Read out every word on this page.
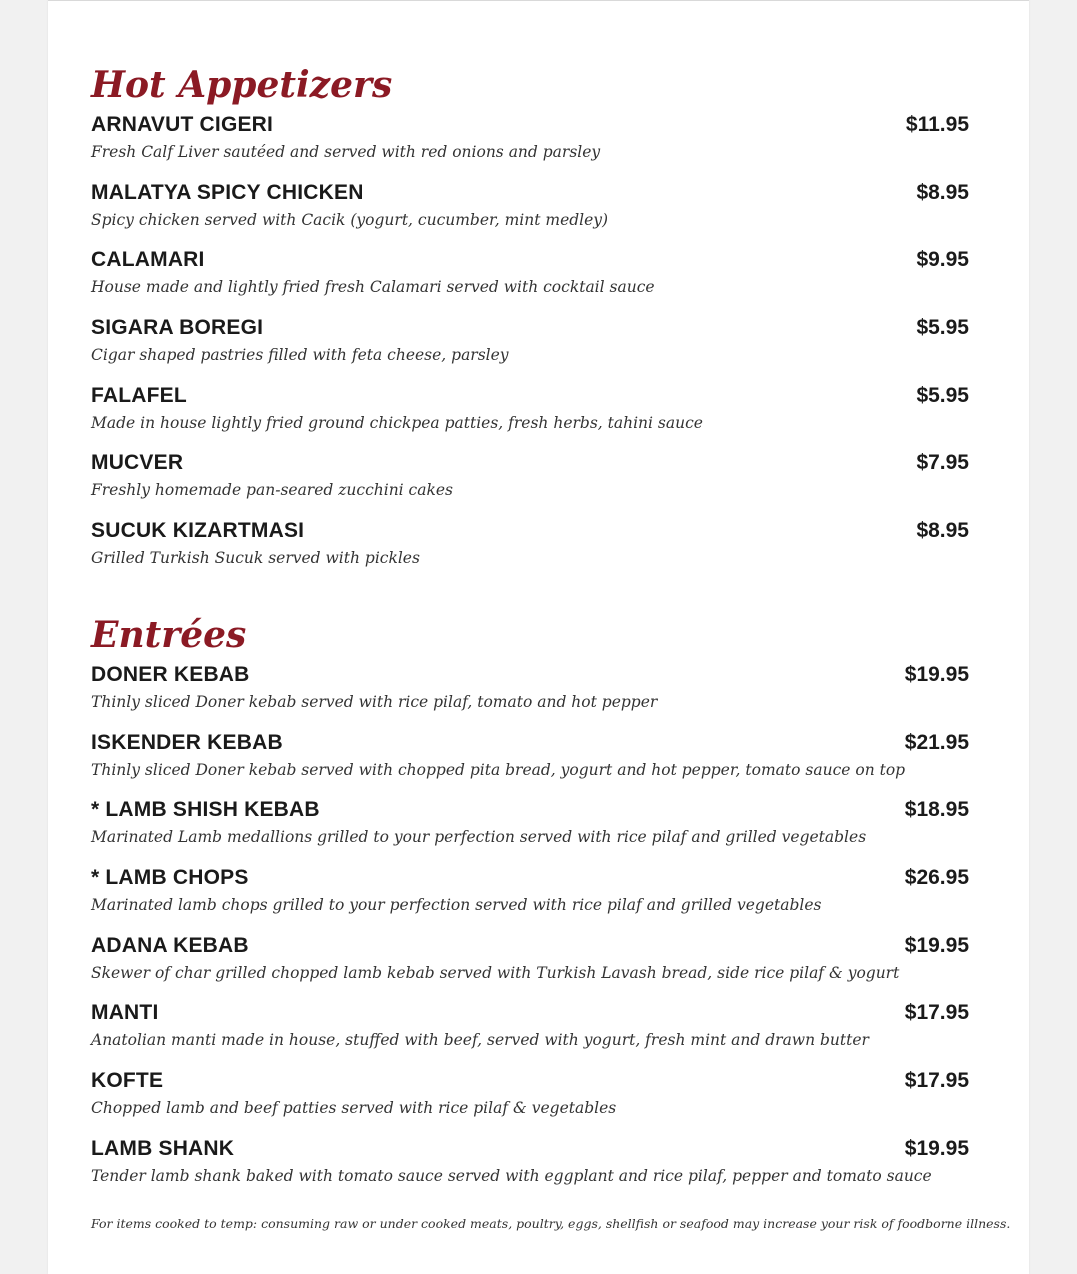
Hot Appetizers
ARNAVUT CIGERI	$11.95
Fresh Calf Liver sautéed and served with red onions and parsley
MALATYA SPICY CHICKEN	$8.95
Spicy chicken served with Cacik (yogurt, cucumber, mint medley)
CALAMARI	$9.95
House made and lightly fried fresh Calamari served with cocktail sauce
SIGARA BOREGI	$5.95
Cigar shaped pastries filled with feta cheese, parsley
FALAFEL	$5.95
Made in house lightly fried ground chickpea patties, fresh herbs, tahini sauce
MUCVER	$7.95
Freshly homemade pan-seared zucchini cakes
SUCUK KIZARTMASI	$8.95
Grilled Turkish Sucuk served with pickles
Entrées
DONER KEBAB	$19.95
Thinly sliced Doner kebab served with rice pilaf, tomato and hot pepper
ISKENDER KEBAB	$21.95
Thinly sliced Doner kebab served with chopped pita bread, yogurt and hot pepper, tomato sauce on top
* LAMB SHISH KEBAB	$18.95
Marinated Lamb medallions grilled to your perfection served with rice pilaf and grilled vegetables
* LAMB CHOPS	$26.95
Marinated lamb chops grilled to your perfection served with rice pilaf and grilled vegetables
ADANA KEBAB	$19.95
Skewer of char grilled chopped lamb kebab served with Turkish Lavash bread, side rice pilaf & yogurt
MANTI	$17.95
Anatolian manti made in house, stuffed with beef, served with yogurt, fresh mint and drawn butter
KOFTE	$17.95
Chopped lamb and beef patties served with rice pilaf & vegetables
LAMB SHANK	$19.95
Tender lamb shank baked with tomato sauce served with eggplant and rice pilaf, pepper and tomato sauce
For items cooked to temp: consuming raw or under cooked meats, poultry, eggs, shellfish or seafood may increase your risk of foodborne illness.
